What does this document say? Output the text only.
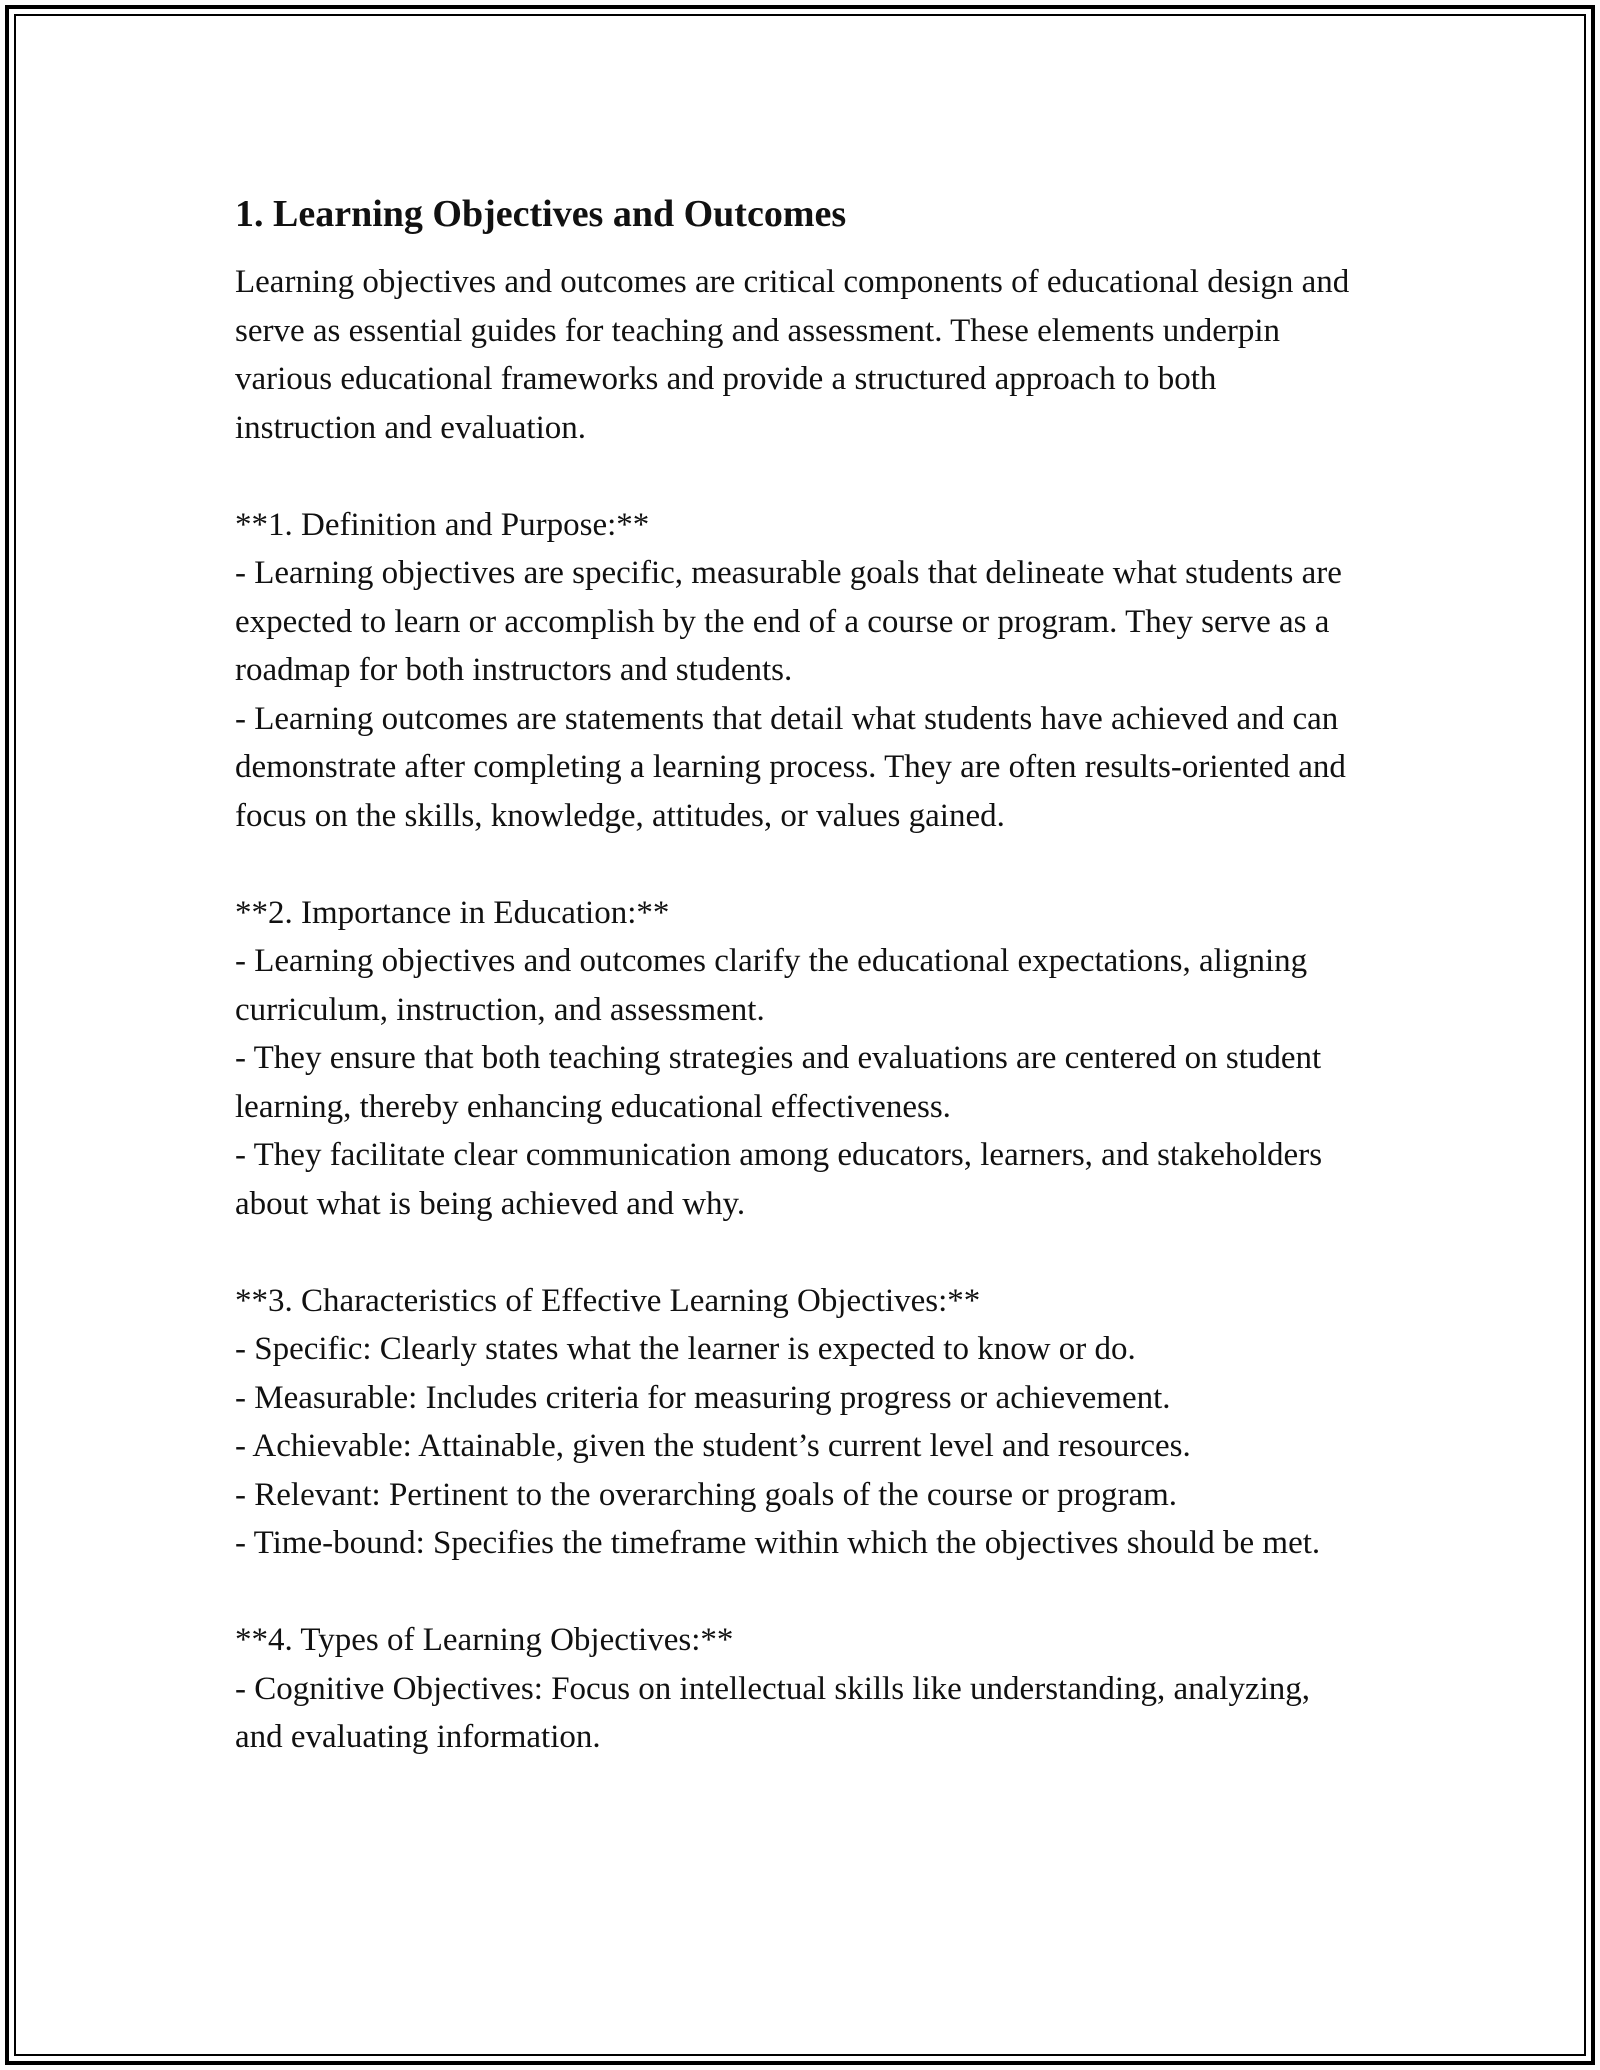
1. Learning Objectives and Outcomes

Learning objectives and outcomes are critical components of educational design and serve as essential guides for teaching and assessment. These elements underpin various educational frameworks and provide a structured approach to both instruction and evaluation.

**1. Definition and Purpose:**

- Learning objectives are specific, measurable goals that delineate what students are expected to learn or accomplish by the end of a course or program. They serve as a roadmap for both instructors and students.

- Learning outcomes are statements that detail what students have achieved and can demonstrate after completing a learning process. They are often results-oriented and focus on the skills, knowledge, attitudes, or values gained.

**2. Importance in Education:**

- Learning objectives and outcomes clarify the educational expectations, aligning curriculum, instruction, and assessment.

- They ensure that both teaching strategies and evaluations are centered on student learning, thereby enhancing educational effectiveness.

- They facilitate clear communication among educators, learners, and stakeholders about what is being achieved and why.

**3. Characteristics of Effective Learning Objectives:**

- Specific: Clearly states what the learner is expected to know or do.

- Measurable: Includes criteria for measuring progress or achievement.

- Achievable: Attainable, given the student’s current level and resources.

- Relevant: Pertinent to the overarching goals of the course or program.

- Time-bound: Specifies the timeframe within which the objectives should be met.

**4. Types of Learning Objectives:**

- Cognitive Objectives: Focus on intellectual skills like understanding, analyzing, and evaluating information.
